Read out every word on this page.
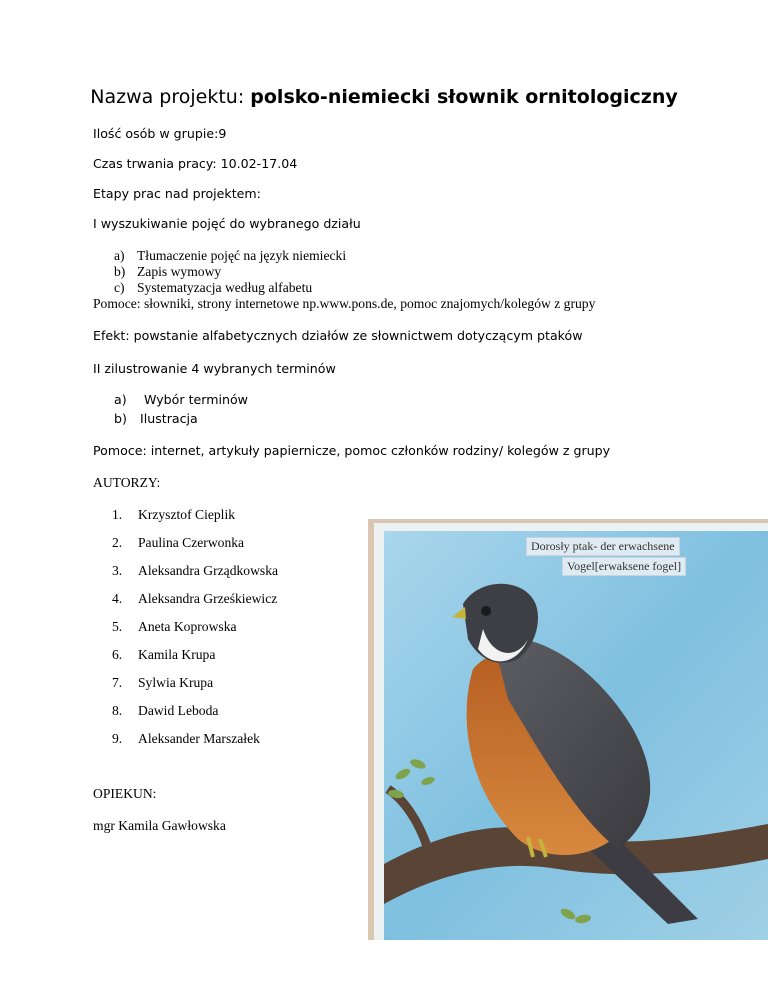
Nazwa projektu: polsko-niemiecki słownik ornitologiczny
Ilość osób w grupie:9
Czas trwania pracy: 10.02-17.04
Etapy prac nad projektem:
I wyszukiwanie pojęć do wybranego działu
a) Tłumaczenie pojęć na język niemiecki
b) Zapis wymowy
c) Systematyzacja według alfabetu
Pomoce: słowniki, strony internetowe np.www.pons.de, pomoc znajomych/kolegów z grupy
Efekt: powstanie alfabetycznych działów ze słownictwem dotyczącym ptaków
II zilustrowanie 4 wybranych terminów
a) Wybór terminów
b) Ilustracja
Pomoce: internet, artykuły papiernicze, pomoc członków rodziny/ kolegów z grupy
AUTORZY:
1. Krzysztof Cieplik
2. Paulina Czerwonka
3. Aleksandra Grządkowska
4. Aleksandra Grześkiewicz
5. Aneta Koprowska
6. Kamila Krupa
7. Sylwia Krupa
8. Dawid Leboda
9. Aleksander Marszałek
OPIEKUN:
mgr Kamila Gawłowska
Dorosły ptak- der erwachsene
Vogel[erwaksene fogel]
